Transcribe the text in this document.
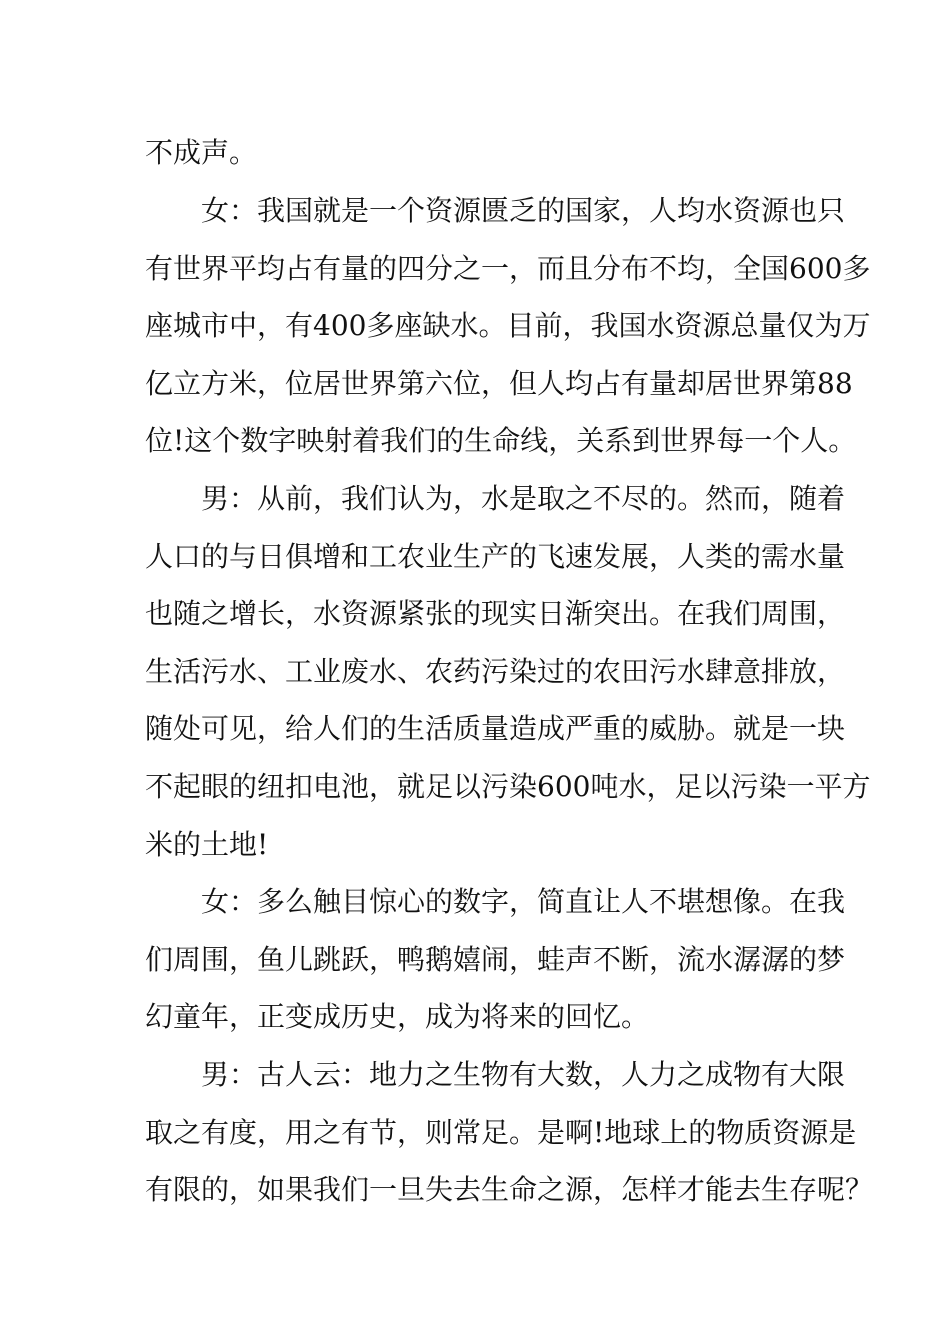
不成声。
女：我国就是一个资源匮乏的国家，人均水资源也只
有世界平均占有量的四分之一，而且分布不均，全国600多
座城市中，有400多座缺水。目前，我国水资源总量仅为万
亿立方米，位居世界第六位，但人均占有量却居世界第88
位!这个数字映射着我们的生命线，关系到世界每一个人。
男：从前，我们认为，水是取之不尽的。然而，随着
人口的与日俱增和工农业生产的飞速发展，人类的需水量
也随之增长，水资源紧张的现实日渐突出。在我们周围，
生活污水、工业废水、农药污染过的农田污水肆意排放，
随处可见，给人们的生活质量造成严重的威胁。就是一块
不起眼的纽扣电池，就足以污染600吨水，足以污染一平方
米的土地!
女：多么触目惊心的数字，简直让人不堪想像。在我
们周围，鱼儿跳跃，鸭鹅嬉闹，蛙声不断，流水潺潺的梦
幻童年，正变成历史，成为将来的回忆。
男：古人云：地力之生物有大数，人力之成物有大限
取之有度，用之有节，则常足。是啊!地球上的物质资源是
有限的，如果我们一旦失去生命之源，怎样才能去生存呢？
